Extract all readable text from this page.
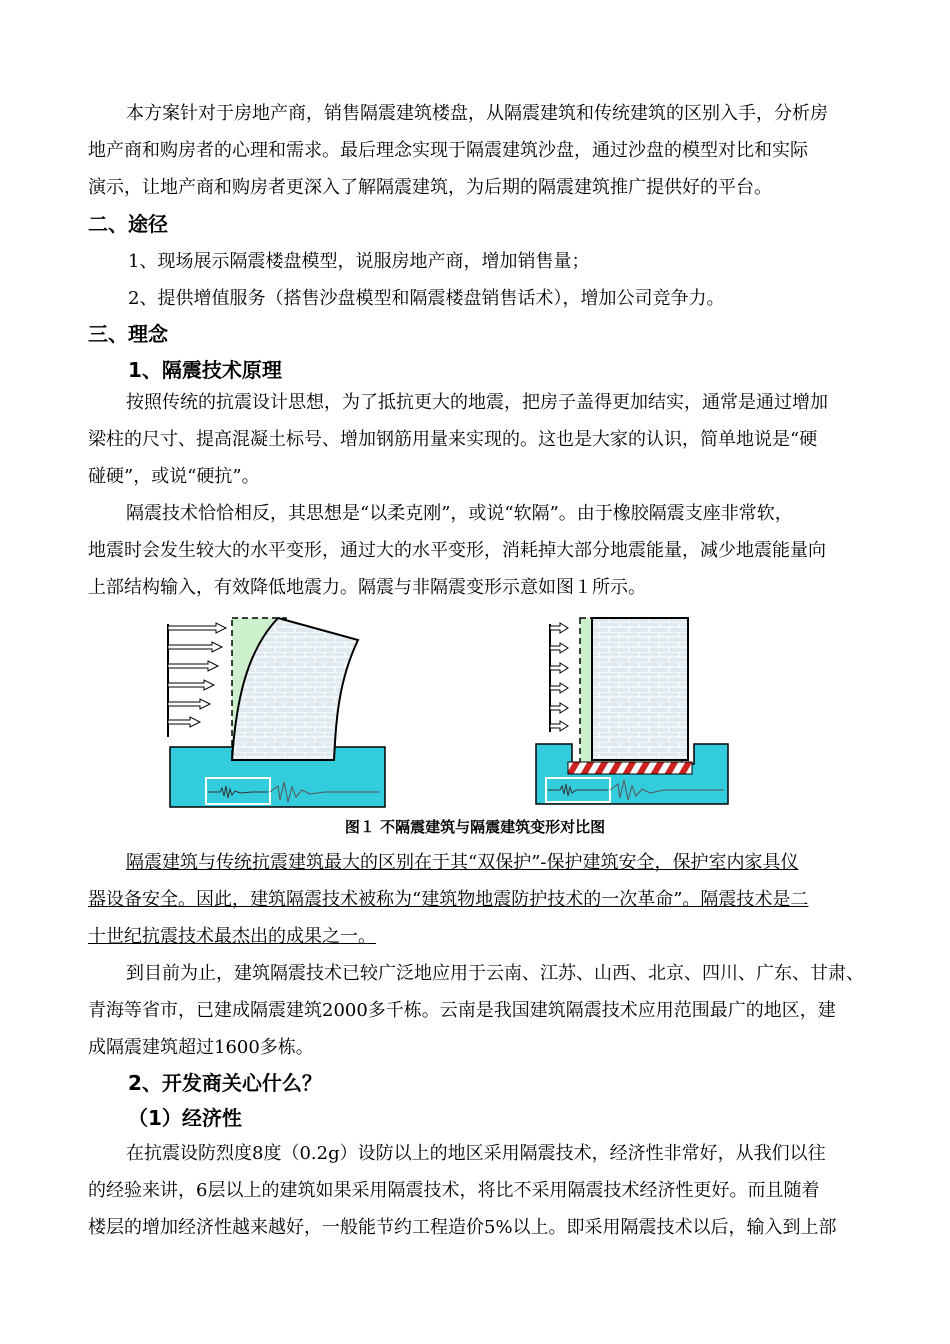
本方案针对于房地产商，销售隔震建筑楼盘，从隔震建筑和传统建筑的区别入手，分析房
地产商和购房者的心理和需求。最后理念实现于隔震建筑沙盘，通过沙盘的模型对比和实际
演示，让地产商和购房者更深入了解隔震建筑，为后期的隔震建筑推广提供好的平台。
二、途径
1、现场展示隔震楼盘模型，说服房地产商，增加销售量；
2、提供增值服务（搭售沙盘模型和隔震楼盘销售话术），增加公司竞争力。
三、理念
1、隔震技术原理
按照传统的抗震设计思想，为了抵抗更大的地震，把房子盖得更加结实，通常是通过增加
梁柱的尺寸、提高混凝土标号、增加钢筋用量来实现的。这也是大家的认识，简单地说是“硬
碰硬”，或说“硬抗”。
隔震技术恰恰相反，其思想是“以柔克刚”，或说“软隔”。由于橡胶隔震支座非常软，
地震时会发生较大的水平变形，通过大的水平变形，消耗掉大部分地震能量，减少地震能量向
上部结构输入，有效降低地震力。隔震与非隔震变形示意如图１所示。
图１ 不隔震建筑与隔震建筑变形对比图
隔震建筑与传统抗震建筑最大的区别在于其“双保护”-保护建筑安全，保护室内家具仪
器设备安全。因此，建筑隔震技术被称为“建筑物地震防护技术的一次革命”。隔震技术是二
十世纪抗震技术最杰出的成果之一。
到目前为止，建筑隔震技术已较广泛地应用于云南、江苏、山西、北京、四川、广东、甘肃、
青海等省市，已建成隔震建筑2000多千栋。云南是我国建筑隔震技术应用范围最广的地区，建
成隔震建筑超过1600多栋。
2、开发商关心什么？
（1）经济性
在抗震设防烈度8度（0.2g）设防以上的地区采用隔震技术，经济性非常好，从我们以往
的经验来讲，6层以上的建筑如果采用隔震技术，将比不采用隔震技术经济性更好。而且随着
楼层的增加经济性越来越好，一般能节约工程造价5%以上。即采用隔震技术以后，输入到上部
